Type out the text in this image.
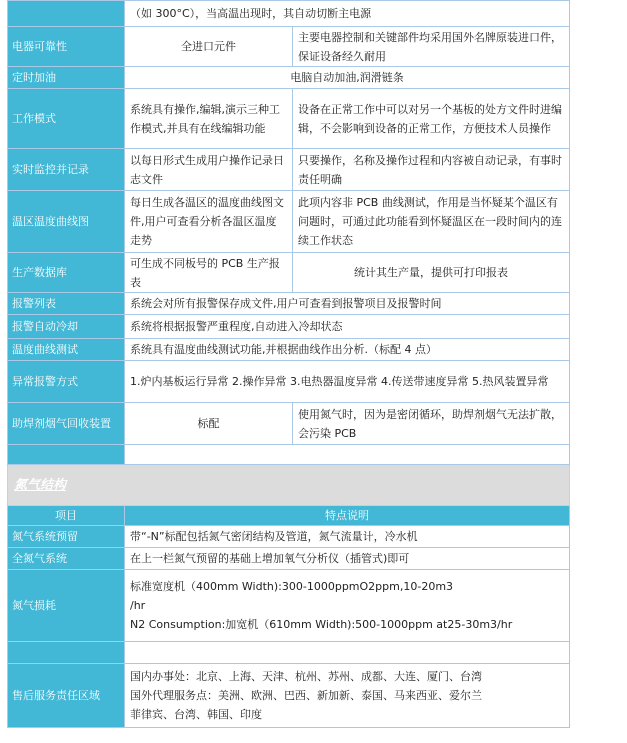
	（如 300°C），当高温出现时，其自动切断主电源	
电器可靠性	全进口元件	主要电器控制和关键部件均采用国外名牌原装进口件，保证设备经久耐用
定时加油	电脑自动加油,润滑链条	
工作模式	系统具有操作,编辑,演示三种工作模式,并具有在线编辑功能	设备在正常工作中可以对另一个基板的处方文件时进编辑，不会影响到设备的正常工作，方便技术人员操作
实时监控并记录	以每日形式生成用户操作记录日志文件	只要操作，名称及操作过程和内容被自动记录，有事时责任明确
温区温度曲线图	每日生成各温区的温度曲线图文件,用户可查看分析各温区温度走势	此项内容非 PCB 曲线测试，作用是当怀疑某个温区有问题时，可通过此功能看到怀疑温区在一段时间内的连续工作状态
生产数据库	可生成不同板号的 PCB 生产报表	统计其生产量，提供可打印报表
报警列表	系统会对所有报警保存成文件,用户可查看到报警项目及报警时间	
报警自动冷却	系统将根据报警严重程度,自动进入冷却状态	
温度曲线测试	系统具有温度曲线测试功能,并根据曲线作出分析.（标配 4 点）	
异常报警方式	1.炉内基板运行异常 2.操作异常 3.电热器温度异常 4.传送带速度异常 5.热风装置异常	
助焊剂烟气回收装置	标配	使用氮气时，因为是密闭循环，助焊剂烟气无法扩散，会污染 PCB

氮气结构		
项目	特点说明	
氮气系统预留	带“-N”标配包括氮气密闭结构及管道，氮气流量计，冷水机	
全氮气系统	在上一栏氮气预留的基础上增加氧气分析仪（插管式)即可	
氮气损耗	标准宽度机（400mm Width):300-1000ppmO2ppm,10-20m3
/hr
N2 Consumption:加宽机（610mm Width):500-1000ppm at25-30m3/hr	

售后服务责任区域	国内办事处：北京、上海、天津、杭州、苏州、成都、大连、厦门、台湾
国外代理服务点：美洲、欧洲、巴西、新加新、泰国、马来西亚、爱尔兰
菲律宾、台湾、韩国、印度	
